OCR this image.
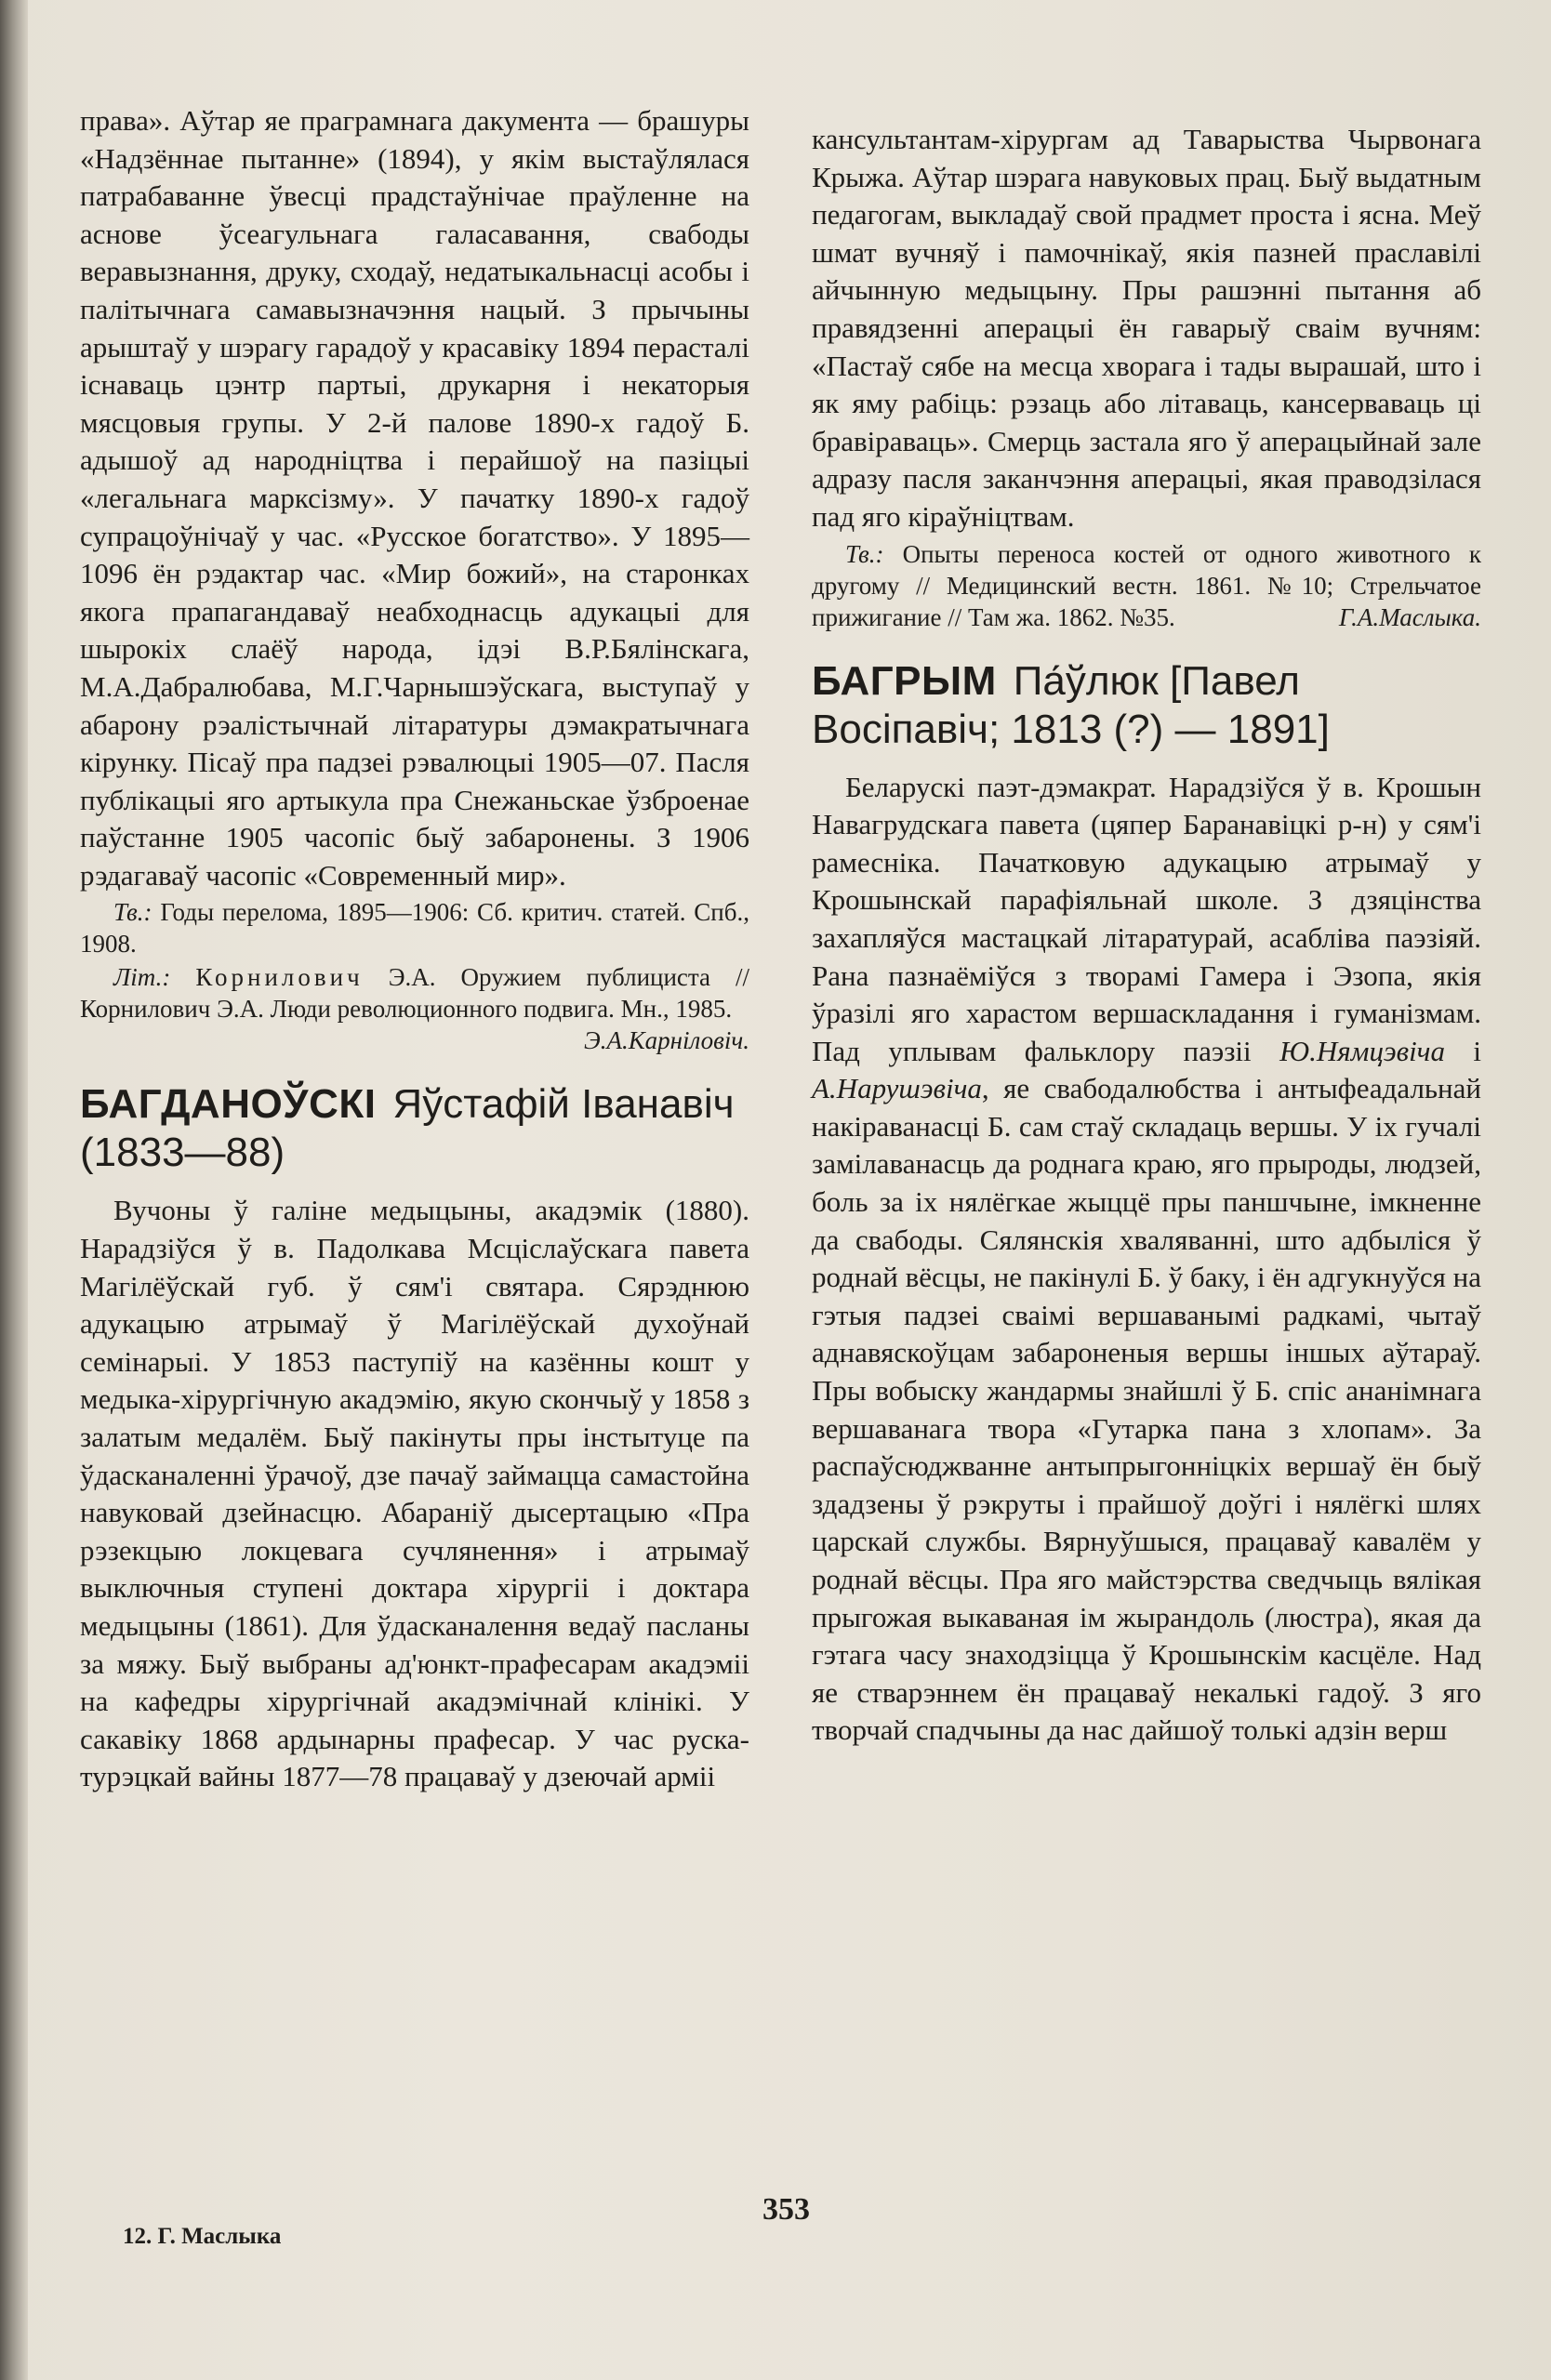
права». Аўтар яе праграмнага дакумента — брашуры «Надзённае пытанне» (1894), у якім выстаўлялася патрабаванне ўвесці прадстаўнічае праўленне на аснове ўсеагульнага галасавання, свабоды веравызнання, друку, сходаў, недатыкальнасці асобы і палітычнага самавызначэння нацый. З прычыны арыштаў у шэрагу гарадоў у красавіку 1894 перасталі існаваць цэнтр партыі, друкарня і некаторыя мясцовыя групы. У 2-й палове 1890-х гадоў Б. адышоў ад народніцтва і перайшоў на пазіцыі «легальнага марксізму». У пачатку 1890-х гадоў супрацоўнічаў у час. «Русское богатство». У 1895—1096 ён рэдактар час. «Мир божий», на старонках якога прапагандаваў неабходнасць адукацыі для шырокіх слаёў народа, ідэі В.Р.Бялінскага, М.А.Дабралюбава, М.Г.Чарнышэўскага, выступаў у абарону рэалістычнай літаратуры дэмакратычнага кірунку. Пісаў пра падзеі рэвалюцыі 1905—07. Пасля публікацыі яго артыкула пра Снежаньскае ўзброенае паўстанне 1905 часопіс быў забаронены. З 1906 рэдагаваў часопіс «Современный мир».

Тв.: Годы перелома, 1895—1906: Сб. критич. статей. Спб., 1908.

Літ.: Корнилович Э.А. Оружием публициста // Корнилович Э.А. Люди революционного подвига. Мн., 1985.

Э.А.Карніловіч.

БАГДАНОЎСКІ Яўстафій Іванавіч (1833—88)

Вучоны ў галіне медыцыны, акадэмік (1880). Нарадзіўся ў в. Падолкава Мсціслаўскага павета Магілёўскай губ. ў сям'і святара. Сярэднюю адукацыю атрымаў ў Магілёўскай духоўнай семінарыі. У 1853 паступіў на казённы кошт у медыка-хірургічную акадэмію, якую скончыў у 1858 з залатым медалём. Быў пакінуты пры інстытуце па ўдасканаленні ўрачоў, дзе пачаў займацца самастойна навуковай дзейнасцю. Абараніў дысертацыю «Пра рэзекцыю локцевага сучлянення» і атрымаў выключныя ступені доктара хірургіі і доктара медыцыны (1861). Для ўдасканалення ведаў пасланы за мяжу. Быў выбраны ад'юнкт-прафесарам акадэміі на кафедры хірургічнай акадэмічнай клінікі. У сакавіку 1868 ардынарны прафесар. У час руска-турэцкай вайны 1877—78 працаваў у дзеючай арміі

кансультантам-хірургам ад Таварыства Чырвонага Крыжа. Аўтар шэрага навуковых прац. Быў выдатным педагогам, выкладаў свой прадмет проста і ясна. Меў шмат вучняў і памочнікаў, якія пазней праславілі айчынную медыцыну. Пры рашэнні пытання аб правядзенні аперацыі ён гаварыў сваім вучням: «Пастаў сябе на месца хворага і тады вырашай, што і як яму рабіць: рэзаць або літаваць, кансерваваць ці бравіраваць». Смерць застала яго ў аперацыйнай зале адразу пасля заканчэння аперацыі, якая праводзілася пад яго кіраўніцтвам.

Тв.: Опыты переноса костей от одного животного к другому // Медицинский вестн. 1861. №10; Стрельчатое прижигание // Там жа. 1862. №35.	Г.А.Маслыка.

БАГРЫМ Па́ўлюк [Павел Восіпавіч; 1813 (?) — 1891]

Беларускі паэт-дэмакрат. Нарадзіўся ў в. Крошын Навагрудскага павета (цяпер Баранавіцкі р-н) у сям'і рамесніка. Пачатковую адукацыю атрымаў у Крошынскай парафіяльнай школе. З дзяцінства захапляўся мастацкай літаратурай, асабліва паэзіяй. Рана пазнаёміўся з творамі Гамера і Эзопа, якія ўразілі яго харастом вершаскладання і гуманізмам. Пад уплывам фальклору паэзіі Ю.Нямцэвіча і А.Нарушэвіча, яе свабодалюбства і антыфеадальнай накіраванасці Б. сам стаў складаць вершы. У іх гучалі замілаванасць да роднага краю, яго прыроды, людзей, боль за іх нялёгкае жыццё пры паншчыне, імкненне да свабоды. Сялянскія хваляванні, што адбыліся ў роднай вёсцы, не пакінулі Б. ў баку, і ён адгукнуўся на гэтыя падзеі сваімі вершаванымі радкамі, чытаў аднавяскоўцам забароненыя вершы іншых аўтараў. Пры вобыску жандармы знайшлі ў Б. спіс ананімнага вершаванага твора «Гутарка пана з хлопам». За распаўсюджванне антыпрыгонніцкіх вершаў ён быў здадзены ў рэкруты і прайшоў доўгі і нялёгкі шлях царскай службы. Вярнуўшыся, працаваў кавалём у роднай вёсцы. Пра яго майстэрства сведчыць вялікая прыгожая выкаваная ім жырандоль (люстра), якая да гэтага часу знаходзіцца ў Крошынскім касцёле. Над яе стварэннем ён працаваў некалькі гадоў. З яго творчай спадчыны да нас дайшоў толькі адзін верш

353
12. Г. Маслыка
